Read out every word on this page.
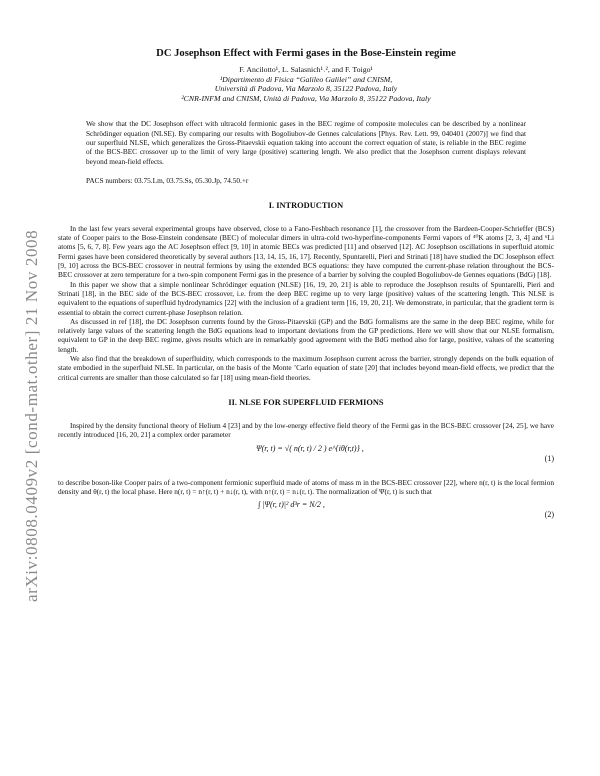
arXiv:0808.0409v2 [cond-mat.other] 21 Nov 2008
DC Josephson Effect with Fermi gases in the Bose-Einstein regime
F. Ancilotto¹, L. Salasnich¹˒², and F. Toigo¹
¹Dipartimento di Fisica “Galileo Galilei” and CNISM,
Università di Padova, Via Marzolo 8, 35122 Padova, Italy
²CNR-INFM and CNISM, Unità di Padova, Via Marzolo 8, 35122 Padova, Italy
We show that the DC Josephson effect with ultracold fermionic gases in the BEC regime of composite molecules can be described by a nonlinear Schrödinger equation (NLSE). By comparing our results with Bogoliubov-de Gennes calculations [Phys. Rev. Lett. 99, 040401 (2007)] we find that our superfluid NLSE, which generalizes the Gross-Pitaevskii equation taking into account the correct equation of state, is reliable in the BEC regime of the BCS-BEC crossover up to the limit of very large (positive) scattering length. We also predict that the Josephson current displays relevant beyond mean-field effects.
PACS numbers: 03.75.Lm, 03.75.Ss, 05.30.Jp, 74.50.+r
I. INTRODUCTION

In the last few years several experimental groups have observed, close to a Fano-Feshbach resonance [1], the crossover from the Bardeen-Cooper-Schrieffer (BCS) state of Cooper pairs to the Bose-Einstein condensate (BEC) of molecular dimers in ultra-cold two-hyperfine-components Fermi vapors of ⁴⁰K atoms [2, 3, 4] and ⁶Li atoms [5, 6, 7, 8]. Few years ago the AC Josephson effect [9, 10] in atomic BECs was predicted [11] and observed [12]. AC Josephson oscillations in superfluid atomic Fermi gases have been considered theoretically by several authors [13, 14, 15, 16, 17]. Recently, Spuntarelli, Pieri and Strinati [18] have studied the DC Josephson effect [9, 10] across the BCS-BEC crossover in neutral fermions by using the extended BCS equations: they have computed the current-phase relation throughout the BCS-BEC crossover at zero temperature for a two-spin component Fermi gas in the presence of a barrier by solving the coupled Bogoliubov-de Gennes equations (BdG) [18].

In this paper we show that a simple nonlinear Schrödinger equation (NLSE) [16, 19, 20, 21] is able to reproduce the Josephson results of Spuntarelli, Pieri and Strinati [18], in the BEC side of the BCS-BEC crossover, i.e. from the deep BEC regime up to very large (positive) values of the scattering length. This NLSE is equivalent to the equations of superfluid hydrodynamics [22] with the inclusion of a gradient term [16, 19, 20, 21]. We demonstrate, in particular, that the gradient term is essential to obtain the correct current-phase Josephson relation.

As discussed in ref [18], the DC Josephson currents found by the Gross-Pitaevskii (GP) and the BdG formalisms are the same in the deep BEC regime, while for relatively large values of the scattering length the BdG equations lead to important deviations from the GP predictions. Here we will show that our NLSE formalism, equivalent to GP in the deep BEC regime, gives results which are in remarkably good agreement with the BdG method also for large, positive, values of the scattering length.

We also find that the breakdown of superfluidity, which corresponds to the maximum Josephson current across the barrier, strongly depends on the bulk equation of state embodied in the superfluid NLSE. In particular, on the basis of the Monte ’Carlo equation of state [20] that includes beyond mean-field effects, we predict that the critical currents are smaller than those calculated so far [18] using mean-field theories.

II. NLSE FOR SUPERFLUID FERMIONS

Inspired by the density functional theory of Helium 4 [23] and by the low-energy effective field theory of the Fermi gas in the BCS-BEC crossover [24, 25], we have recently introduced [16, 20, 21] a complex order parameter

Ψ(r, t) = √( n(r, t) / 2 ) e^{iθ(r,t)} ,
(1)

to describe boson-like Cooper pairs of a two-component fermionic superfluid made of atoms of mass m in the BCS-BEC crossover [22], where n(r, t) is the local fermion density and θ(r, t) the local phase. Here n(r, t) = n↑(r, t) + n↓(r, t), with n↑(r, t) = n↓(r, t). The normalization of Ψ(r, t) is such that

∫ |Ψ(r, t)|² d³r = N/2 ,
(2)
